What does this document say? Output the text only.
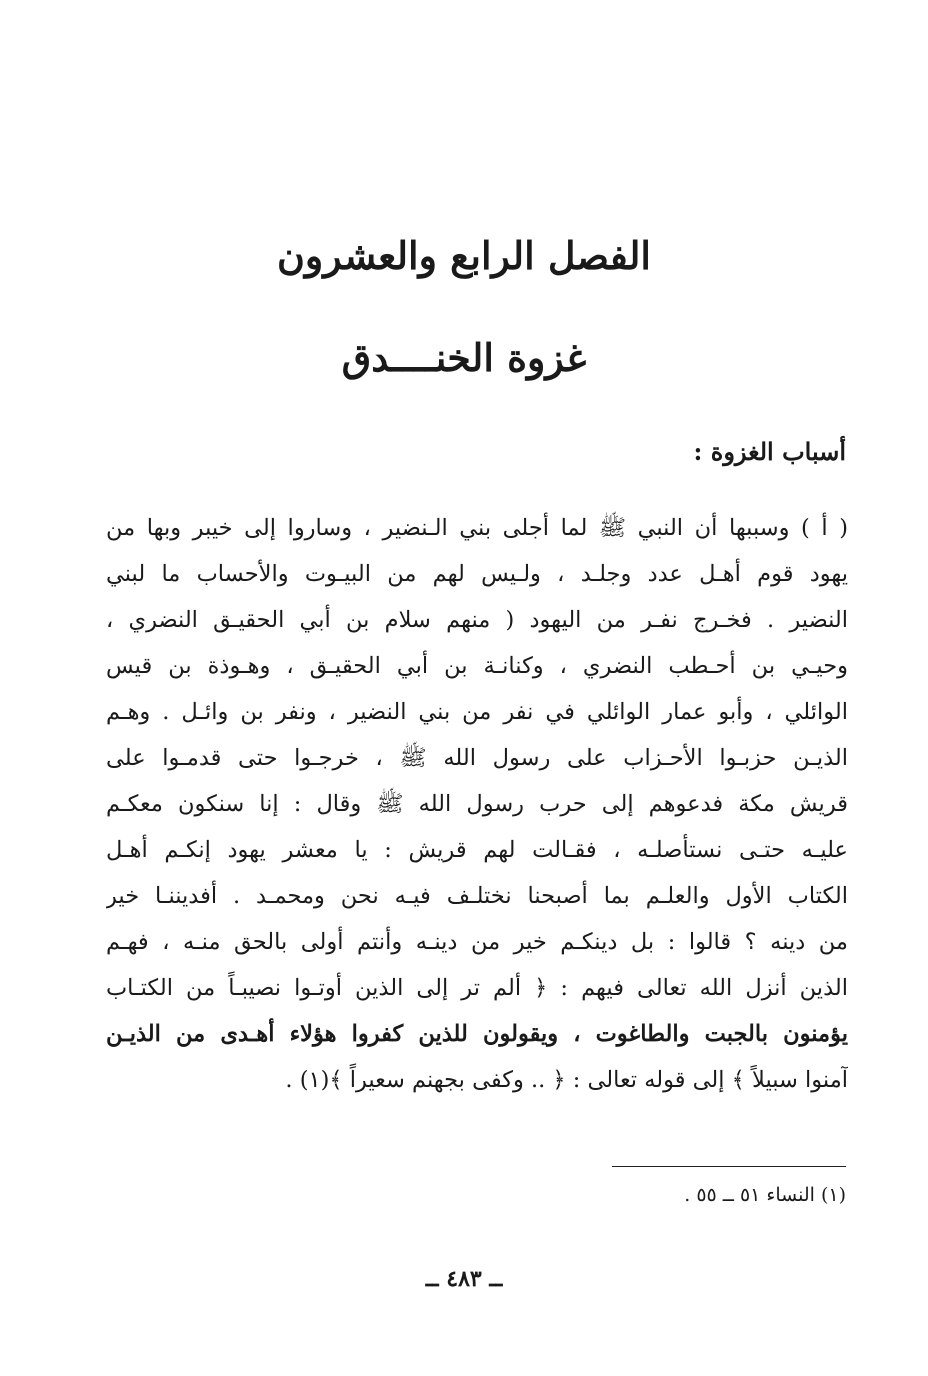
الفصل الرابع والعشرون
غزوة الخنــــدق
أسباب الغزوة :
( أ ) وسببها أن النبي ﷺ لما أجلى بني الـنضير ، وساروا إلى خيبر وبها من
يهود قوم أهـل عدد وجلـد ، ولـيس لهم من البيـوت والأحساب ما لبني
النضير . فخـرج نفـر من اليهود ( منهم سلام بن أبي الحقيـق النضري ،
وحيـي بن أحـطب النضري ، وكنانـة بن أبي الحقيـق ، وهـوذة بن قيس
الوائلي ، وأبو عمار الوائلي في نفر من بني النضير ، ونفر بن وائـل . وهـم
الذيـن حزبـوا الأحـزاب على رسول الله ﷺ ، خرجـوا حتى قدمـوا على
قريش مكة فدعوهم إلى حرب رسول الله ﷺ وقال : إنا سنكون معكـم
عليـه حتـى نستأصلـه ، فقـالت لهم قريش : يا معشر يهود إنكـم أهـل
الكتاب الأول والعلـم بما أصبحنا نختلـف فيـه نحن ومحمـد . أفديننـا خير
من دينه ؟ قالوا : بل دينكـم خير من دينـه وأنتم أولى بالحق منـه ، فهـم
الذين أنزل الله تعالى فيهم : ﴿ ألم تر إلى الذين أوتـوا نصيبـاً من الكتـاب
يؤمنون بالجبت والطاغوت ، ويقولون للذين كفروا هؤلاء أهـدى من الذيـن
آمنوا سبيلاً ﴾ إلى قوله تعالى : ﴿ .. وكفى بجهنم سعيراً ﴾(١) .

(١) النساء ٥١ ــ ٥٥ .

ــ ٤٨٣ ــ
